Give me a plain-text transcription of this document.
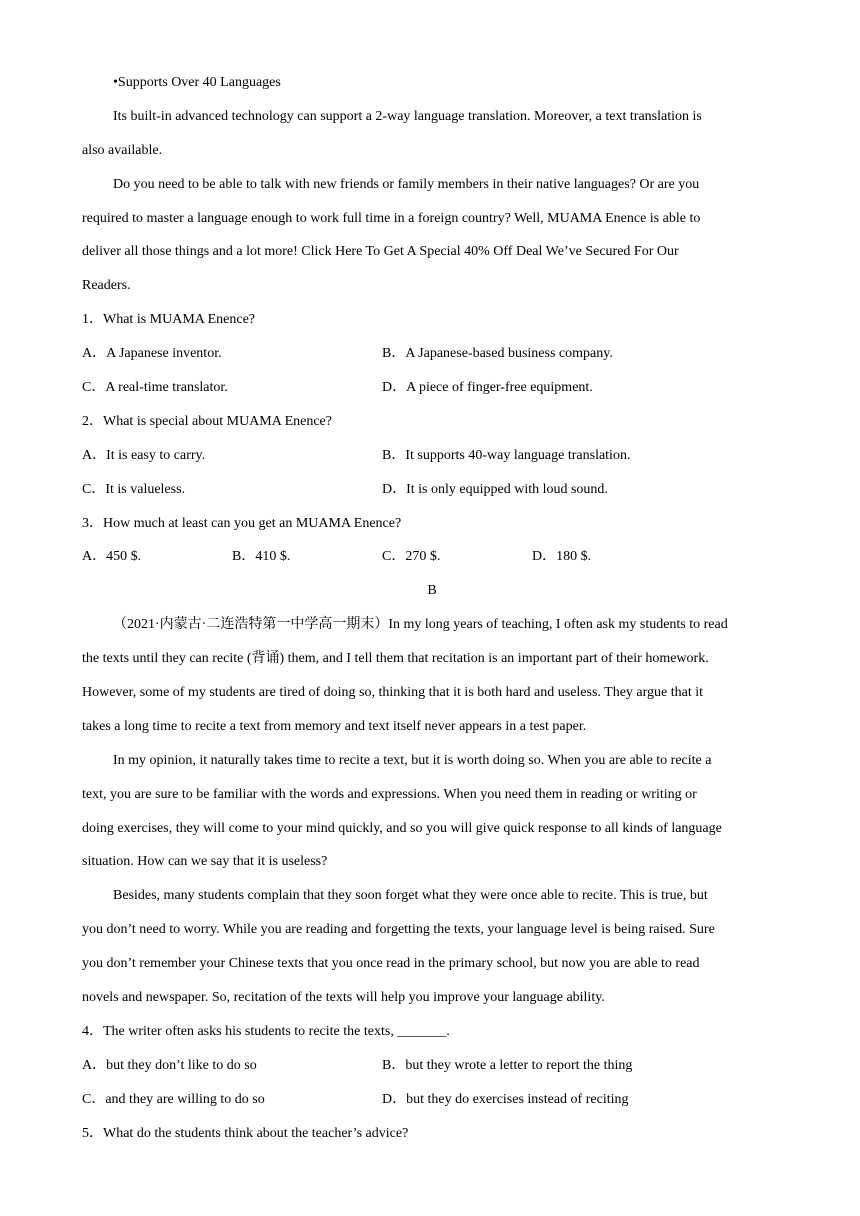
•Supports Over 40 Languages
Its built-in advanced technology can support a 2-way language translation. Moreover, a text translation is
also available.
Do you need to be able to talk with new friends or family members in their native languages? Or are you
required to master a language enough to work full time in a foreign country? Well, MUAMA Enence is able to
deliver all those things and a lot more! Click Here To Get A Special 40% Off Deal We’ve Secured For Our
Readers.
1．What is MUAMA Enence?
A．A Japanese inventor.	B．A Japanese-based business company.
C．A real-time translator.	D．A piece of finger-free equipment.
2．What is special about MUAMA Enence?
A．It is easy to carry.	B．It supports 40-way language translation.
C．It is valueless.	D．It is only equipped with loud sound.
3．How much at least can you get an MUAMA Enence?
A．450 $.	B．410 $.	C．270 $.	D．180 $.
B
（2021·内蒙古·二连浩特第一中学高一期末）In my long years of teaching, I often ask my students to read
the texts until they can recite (背诵) them, and I tell them that recitation is an important part of their homework.
However, some of my students are tired of doing so, thinking that it is both hard and useless. They argue that it
takes a long time to recite a text from memory and text itself never appears in a test paper.
In my opinion, it naturally takes time to recite a text, but it is worth doing so. When you are able to recite a
text, you are sure to be familiar with the words and expressions. When you need them in reading or writing or
doing exercises, they will come to your mind quickly, and so you will give quick response to all kinds of language
situation. How can we say that it is useless?
Besides, many students complain that they soon forget what they were once able to recite. This is true, but
you don’t need to worry. While you are reading and forgetting the texts, your language level is being raised. Sure
you don’t remember your Chinese texts that you once read in the primary school, but now you are able to read
novels and newspaper. So, recitation of the texts will help you improve your language ability.
4．The writer often asks his students to recite the texts, _______.
A．but they don’t like to do so	B．but they wrote a letter to report the thing
C．and they are willing to do so	D．but they do exercises instead of reciting
5．What do the students think about the teacher’s advice?
